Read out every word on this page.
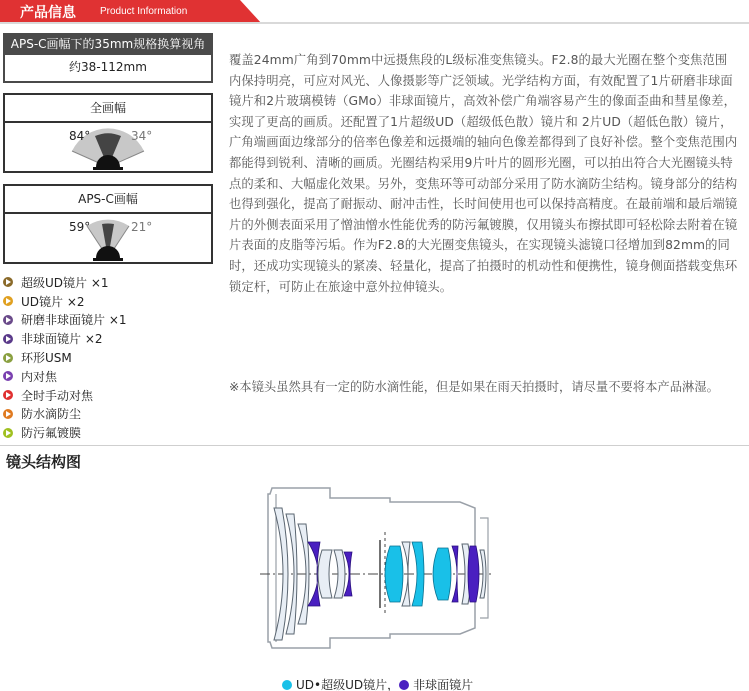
产品信息 Product Information
APS-C画幅下的35mm规格换算视角
约38-112mm
全画幅
84°	34°
APS-C画幅
59°	21°
超级UD镜片 ×1
UD镜片 ×2
研磨非球面镜片 ×1
非球面镜片 ×2
环形USM
内对焦
全时手动对焦
防水滴防尘
防污氟镀膜

覆盖24mm广角到70mm中远摄焦段的L级标准变焦镜头。F2.8的最大光圈在整个变焦范围内保持明亮，可应对风光、人像摄影等广泛领域。光学结构方面，有效配置了1片研磨非球面镜片和2片玻璃模铸（GMo）非球面镜片，高效补偿广角端容易产生的像面歪曲和彗星像差，实现了更高的画质。还配置了1片超级UD（超级低色散）镜片和 2片UD（超低色散）镜片，广角端画面边缘部分的倍率色像差和远摄端的轴向色像差都得到了良好补偿。整个变焦范围内都能得到锐利、清晰的画质。光圈结构采用9片叶片的圆形光圈，可以拍出符合大光圈镜头特点的柔和、大幅虚化效果。另外，变焦环等可动部分采用了防水滴防尘结构。镜身部分的结构也得到强化，提高了耐振动、耐冲击性，长时间使用也可以保持高精度。在最前端和最后端镜片的外侧表面采用了憎油憎水性能优秀的防污氟镀膜，仅用镜头布擦拭即可轻松除去附着在镜片表面的皮脂等污垢。作为F2.8的大光圈变焦镜头，在实现镜头滤镜口径增加到82mm的同时，还成功实现镜头的紧凑、轻量化，提高了拍摄时的机动性和便携性，镜身侧面搭载变焦环锁定杆，可防止在旅途中意外拉伸镜头。

※本镜头虽然具有一定的防水滴性能，但是如果在雨天拍摄时，请尽量不要将本产品淋湿。

镜头结构图
UD•超级UD镜片， 非球面镜片
